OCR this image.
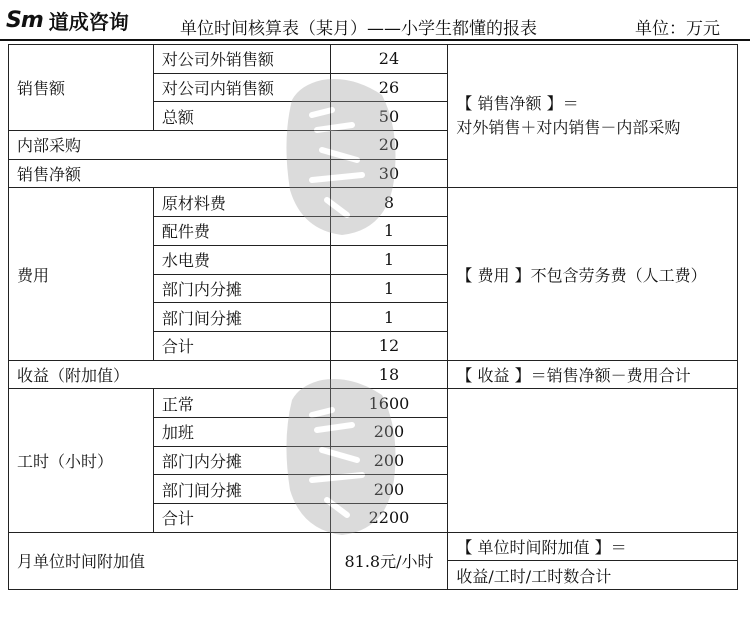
Sm 道成咨询	单位时间核算表（某月）——小学生都懂的报表	单位：万元
销售额	对公司外销售额	24	【 销售净额 】＝
对外销售＋对内销售－内部采购

	对公司内销售额	26	
	总额	50	
内部采购		20	
销售净额		30	
费用	原材料费	8	【 费用 】不包含劳务费（人工费）
	配件费	1	
	水电费	1	
	部门内分摊	1	
	部门间分摊	1	
	合计	12	
收益（附加值）		18	【 收益 】＝销售净额－费用合计
工时（小时）	正常	1600	
	加班	200	
	部门内分摊	200	
	部门间分摊	200	
	合计	2200	
月单位时间附加值		81.8元/小时	【 单位时间附加值 】＝
			收益/工时/工时数合计
